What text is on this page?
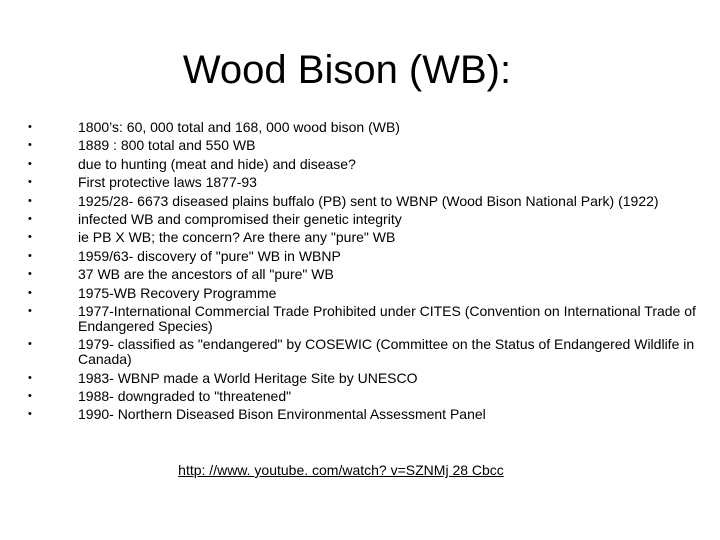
Wood Bison (WB):
•	1800’s: 60, 000 total and 168, 000 wood bison (WB)
•	1889 : 800 total and 550 WB
•	due to hunting (meat and hide) and disease?
•	First protective laws 1877-93
•	1925/28- 6673 diseased plains buffalo (PB) sent to WBNP (Wood Bison National Park) (1922)
•	infected WB and compromised their genetic integrity
•	ie PB X WB; the concern? Are there any "pure" WB
•	1959/63- discovery of "pure" WB in WBNP
•	37 WB are the ancestors of all "pure" WB
•	1975-WB Recovery Programme
•	1977-International Commercial Trade Prohibited under CITES (Convention on International Trade of Endangered Species)
•	1979- classified as "endangered" by COSEWIC (Committee on the Status of Endangered Wildlife in Canada)
•	1983- WBNP made a World Heritage Site by UNESCO
•	1988- downgraded to "threatened"
•	1990- Northern Diseased Bison Environmental Assessment Panel
http: //www. youtube. com/watch? v=SZNMj 28 Cbcc
